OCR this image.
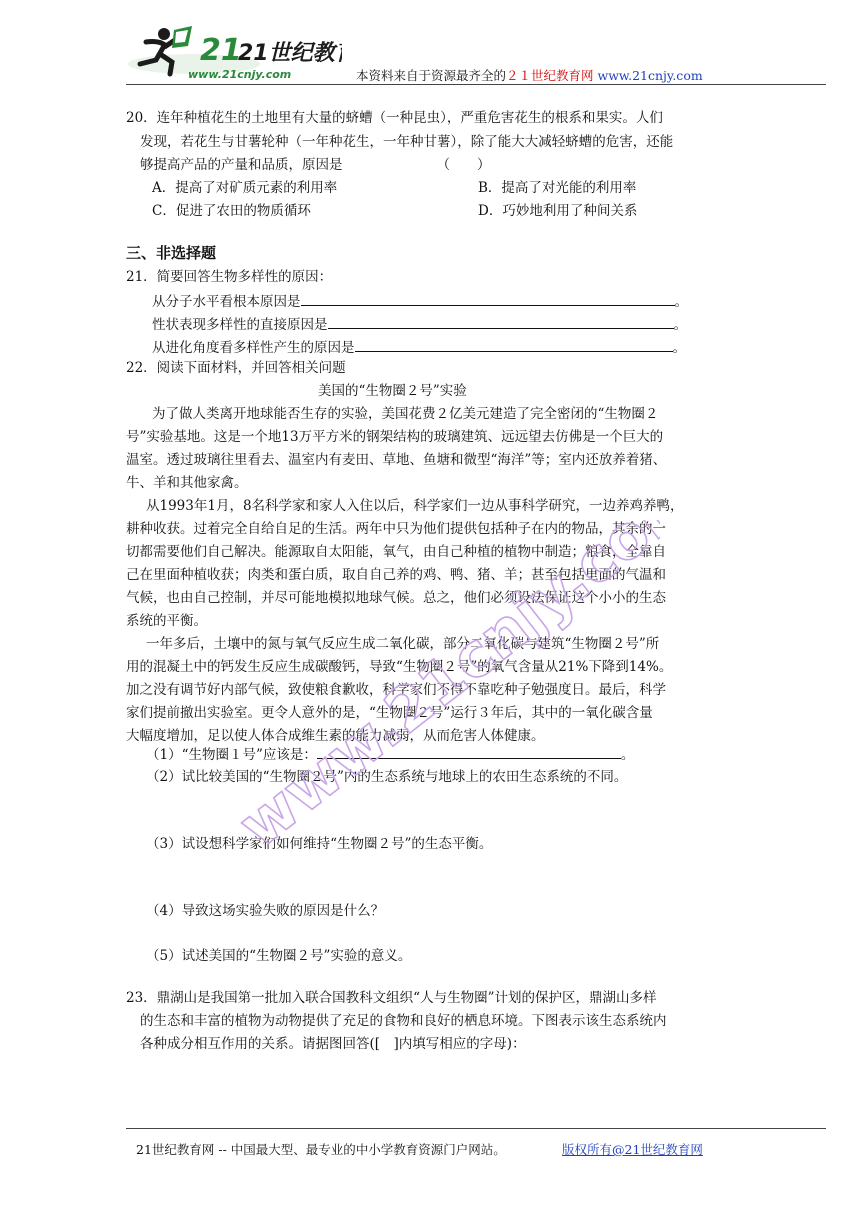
21
21世纪教
www.21cnjy.com	本资料来自于资源最齐全的２１世纪教育网 www.21cnjy.com
20．连年种植花生的土地里有大量的蛴螬（一种昆虫），严重危害花生的根系和果实。人们
发现，若花生与甘薯轮种（一年种花生，一年种甘薯），除了能大大减轻蛴螬的危害，还能
够提高产品的产量和品质，原因是	（　　）
A．提高了对矿质元素的利用率	B．提高了对光能的利用率
C．促进了农田的物质循环	D．巧妙地利用了种间关系
三、非选择题
21．简要回答生物多样性的原因：
从分子水平看根本原因是	。
性状表现多样性的直接原因是	。
从进化角度看多样性产生的原因是	。
22．阅读下面材料，并回答相关问题
美国的“生物圈２号”实验
为了做人类离开地球能否生存的实验，美国花费２亿美元建造了完全密闭的“生物圈２
号”实验基地。这是一个地13万平方米的钢架结构的玻璃建筑、远远望去仿佛是一个巨大的
温室。透过玻璃往里看去、温室内有麦田、草地、鱼塘和微型“海洋”等；室内还放养着猪、
牛、羊和其他家禽。
从1993年1月，8名科学家和家人入住以后，科学家们一边从事科学研究，一边养鸡养鸭，
耕种收获。过着完全自给自足的生活。两年中只为他们提供包括种子在内的物品，其余的一
切都需要他们自己解决。能源取自太阳能，氧气，由自己种植的植物中制造；粮食，全靠自
己在里面种植收获；肉类和蛋白质，取自自己养的鸡、鸭、猪、羊；甚至包括里面的气温和
气候，也由自己控制，并尽可能地模拟地球气候。总之，他们必须设法保证这个小小的生态
系统的平衡。
一年多后，土壤中的氮与氧气反应生成二氧化碳，部分二氧化碳与建筑“生物圈２号”所
用的混凝土中的钙发生反应生成碳酸钙，导致“生物圈２号”的氧气含量从21%下降到14%。
加之没有调节好内部气候，致使粮食歉收，科学家们不得不靠吃种子勉强度日。最后，科学
家们提前撤出实验室。更令人意外的是，“生物圈２号”运行３年后，其中的一氧化碳含量
大幅度增加，足以使人体合成维生素的能力减弱，从而危害人体健康。
（1）“生物圈１号”应该是：	。
（2）试比较美国的“生物圈２号”内的生态系统与地球上的农田生态系统的不同。
（3）试设想科学家们如何维持“生物圈２号”的生态平衡。
（4）导致这场实验失败的原因是什么？
（5）试述美国的“生物圈２号”实验的意义。
23．鼎湖山是我国第一批加入联合国教科文组织“人与生物圈”计划的保护区，鼎湖山多样
的生态和丰富的植物为动物提供了充足的食物和良好的栖息环境。下图表示该生态系统内
各种成分相互作用的关系。请据图回答([　]内填写相应的字母)：
www.21cnjy.com
21世纪教育网 -- 中国最大型、最专业的中小学教育资源门户网站。	版权所有@21世纪教育网
